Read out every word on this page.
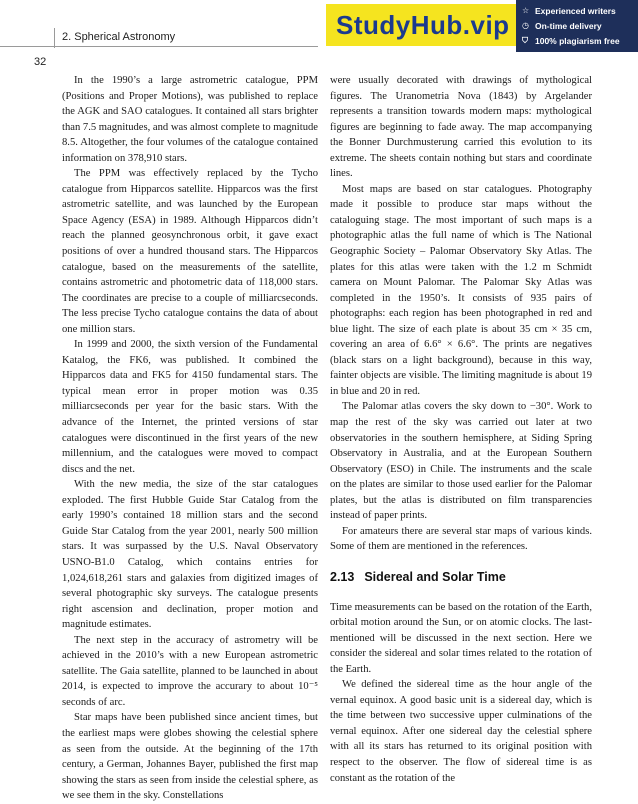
2. Spherical Astronomy
32
StudyHub.vip	☆ Experienced writers
◷ On-time delivery
⛉ 100% plagiarism free

In the 1990’s a large astrometric catalogue, PPM (Positions and Proper Motions), was published to replace the AGK and SAO catalogues. It contained all stars brighter than 7.5 magnitudes, and was almost complete to magnitude 8.5. Altogether, the four volumes of the catalogue contained information on 378,910 stars.

The PPM was effectively replaced by the Tycho catalogue from Hipparcos satellite. Hipparcos was the first astrometric satellite, and was launched by the European Space Agency (ESA) in 1989. Although Hipparcos didn’t reach the planned geosynchronous orbit, it gave exact positions of over a hundred thousand stars. The Hipparcos catalogue, based on the measurements of the satellite, contains astrometric and photometric data of 118,000 stars. The coordinates are precise to a couple of milliarcseconds. The less precise Tycho catalogue contains the data of about one million stars.

In 1999 and 2000, the sixth version of the Fundamental Katalog, the FK6, was published. It combined the Hipparcos data and FK5 for 4150 fundamental stars. The typical mean error in proper motion was 0.35 milliarcseconds per year for the basic stars. With the advance of the Internet, the printed versions of star catalogues were discontinued in the first years of the new millennium, and the catalogues were moved to compact discs and the net.

With the new media, the size of the star catalogues exploded. The first Hubble Guide Star Catalog from the early 1990’s contained 18 million stars and the second Guide Star Catalog from the year 2001, nearly 500 million stars. It was surpassed by the U.S. Naval Observatory USNO-B1.0 Catalog, which contains entries for 1,024,618,261 stars and galaxies from digitized images of several photographic sky surveys. The catalogue presents right ascension and declination, proper motion and magnitude estimates.

The next step in the accuracy of astrometry will be achieved in the 2010’s with a new European astrometric satellite. The Gaia satellite, planned to be launched in about 2014, is expected to improve the accurary to about 10⁻⁵ seconds of arc.

Star maps have been published since ancient times, but the earliest maps were globes showing the celestial sphere as seen from the outside. At the beginning of the 17th century, a German, Johannes Bayer, published the first map showing the stars as seen from inside the celestial sphere, as we see them in the sky. Constellations

were usually decorated with drawings of mythological figures. The Uranometria Nova (1843) by Argelander represents a transition towards modern maps: mythological figures are beginning to fade away. The map accompanying the Bonner Durchmusterung carried this evolution to its extreme. The sheets contain nothing but stars and coordinate lines.

Most maps are based on star catalogues. Photography made it possible to produce star maps without the cataloguing stage. The most important of such maps is a photographic atlas the full name of which is The National Geographic Society – Palomar Observatory Sky Atlas. The plates for this atlas were taken with the 1.2 m Schmidt camera on Mount Palomar. The Palomar Sky Atlas was completed in the 1950’s. It consists of 935 pairs of photographs: each region has been photographed in red and blue light. The size of each plate is about 35 cm × 35 cm, covering an area of 6.6° × 6.6°. The prints are negatives (black stars on a light background), because in this way, fainter objects are visible. The limiting magnitude is about 19 in blue and 20 in red.

The Palomar atlas covers the sky down to −30°. Work to map the rest of the sky was carried out later at two observatories in the southern hemisphere, at Siding Spring Observatory in Australia, and at the European Southern Observatory (ESO) in Chile. The instruments and the scale on the plates are similar to those used earlier for the Palomar plates, but the atlas is distributed on film transparencies instead of paper prints.

For amateurs there are several star maps of various kinds. Some of them are mentioned in the references.

2.13 Sidereal and Solar Time

Time measurements can be based on the rotation of the Earth, orbital motion around the Sun, or on atomic clocks. The last-mentioned will be discussed in the next section. Here we consider the sidereal and solar times related to the rotation of the Earth.

We defined the sidereal time as the hour angle of the vernal equinox. A good basic unit is a sidereal day, which is the time between two successive upper culminations of the vernal equinox. After one sidereal day the celestial sphere with all its stars has returned to its original position with respect to the observer. The flow of sidereal time is as constant as the rotation of the
